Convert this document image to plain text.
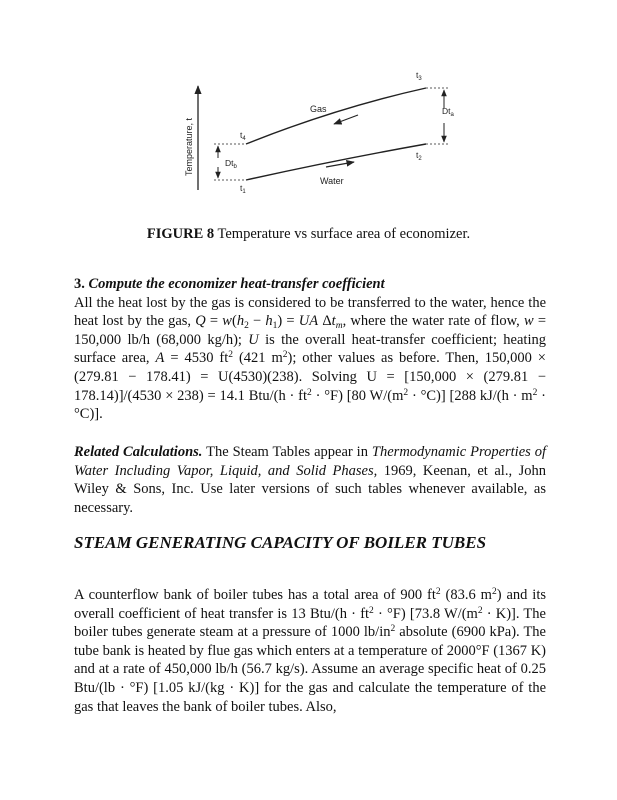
Temperature, t
Gas
Water
$t_4$
$t_1$
$t_3$
$t_2$
$Dt_b$
$Dt_a$
FIGURE 8 Temperature vs surface area of economizer.
3. Compute the economizer heat-transfer coefficient
All the heat lost by the gas is considered to be transferred to the water, hence the heat lost by the gas, $Q = w(h_2 - h_1)$ = UA $\Delta t_m$, where the water rate of flow, w = 150,000 lb/h (68,000 kg/h); U is the overall heat-transfer coefficient; heating surface area, A = 4530 $ft^2$ (421 $m^2$); other values as before. Then, 150,000 × (279.81 − 178.41) = U(4530)(238). Solving U = [150,000 × (279.81 − 178.14)]/(4530 × 238) = 14.1 $Btu/(h \cdot ft^2 \cdot ^\circ F)$ [80 $W/(m^2 \cdot ^\circ C)$] [288 $kJ/(h \cdot m^2 \cdot ^\circ C)$].
Related Calculations. The Steam Tables appear in Thermodynamic Properties of Water Including Vapor, Liquid, and Solid Phases, 1969, Keenan, et al., John Wiley & Sons, Inc. Use later versions of such tables whenever available, as necessary.
STEAM GENERATING CAPACITY OF BOILER TUBES
A counterflow bank of boiler tubes has a total area of 900 $ft^2$ (83.6 $m^2$) and its overall coefficient of heat transfer is 13 $Btu/(h \cdot ft^2 \cdot ^\circ F)$ [73.8 $W/(m^2 \cdot K)$]. The boiler tubes generate steam at a pressure of 1000 $lb/in^2$ absolute (6900 kPa). The tube bank is heated by flue gas which enters at a temperature of 2000°F (1367 K) and at a rate of 450,000 lb/h (56.7 kg/s). Assume an average specific heat of 0.25 Btu/(lb · °F) [1.05 kJ/(kg · K)] for the gas and calculate the temperature of the gas that leaves the bank of boiler tubes. Also,
